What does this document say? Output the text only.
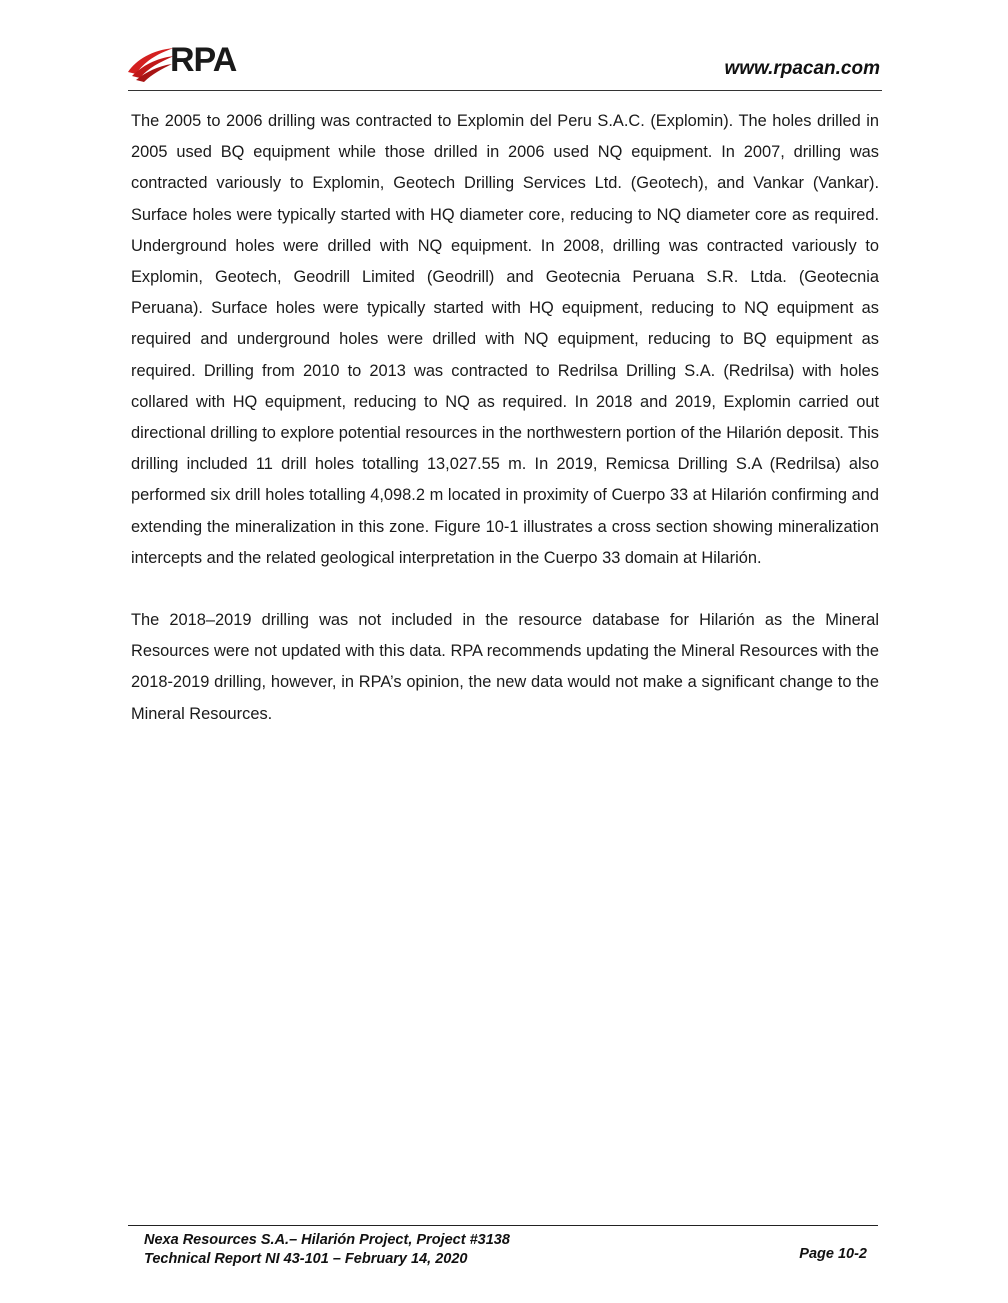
RPA	www.rpacan.com

The 2005 to 2006 drilling was contracted to Explomin del Peru S.A.C. (Explomin). The holes drilled in 2005 used BQ equipment while those drilled in 2006 used NQ equipment. In 2007, drilling was contracted variously to Explomin, Geotech Drilling Services Ltd. (Geotech), and Vankar (Vankar). Surface holes were typically started with HQ diameter core, reducing to NQ diameter core as required. Underground holes were drilled with NQ equipment. In 2008, drilling was contracted variously to Explomin, Geotech, Geodrill Limited (Geodrill) and Geotecnia Peruana S.R. Ltda. (Geotecnia Peruana). Surface holes were typically started with HQ equipment, reducing to NQ equipment as required and underground holes were drilled with NQ equipment, reducing to BQ equipment as required. Drilling from 2010 to 2013 was contracted to Redrilsa Drilling S.A. (Redrilsa) with holes collared with HQ equipment, reducing to NQ as required. In 2018 and 2019, Explomin carried out directional drilling to explore potential resources in the northwestern portion of the Hilarión deposit. This drilling included 11 drill holes totalling 13,027.55 m. In 2019, Remicsa Drilling S.A (Redrilsa) also performed six drill holes totalling 4,098.2 m located in proximity of Cuerpo 33 at Hilarión confirming and extending the mineralization in this zone. Figure 10-1 illustrates a cross section showing mineralization intercepts and the related geological interpretation in the Cuerpo 33 domain at Hilarión.

The 2018–2019 drilling was not included in the resource database for Hilarión as the Mineral Resources were not updated with this data. RPA recommends updating the Mineral Resources with the 2018-2019 drilling, however, in RPA’s opinion, the new data would not make a significant change to the Mineral Resources.

Nexa Resources S.A.– Hilarión Project, Project #3138
Technical Report NI 43-101 – February 14, 2020	Page 10-2
